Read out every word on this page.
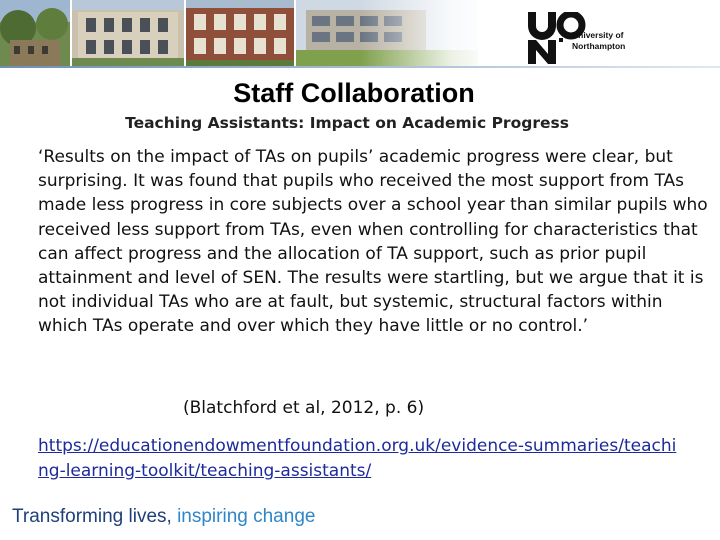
University of
Northampton
Staff Collaboration
Teaching Assistants: Impact on Academic Progress

‘Results on the impact of TAs on pupils’ academic progress were clear, but surprising. It was found that pupils who received the most support from TAs made less progress in core subjects over a school year than similar pupils who received less support from TAs, even when controlling for characteristics that can affect progress and the allocation of TA support, such as prior pupil attainment and level of SEN. The results were startling, but we argue that it is not individual TAs who are at fault, but systemic, structural factors within which TAs operate and over which they have little or no control.’

(Blatchford et al, 2012, p. 6)
https://educationendowmentfoundation.org.uk/evidence-summaries/teaching-learning-toolkit/teaching-assistants/
Transforming lives, inspiring change
